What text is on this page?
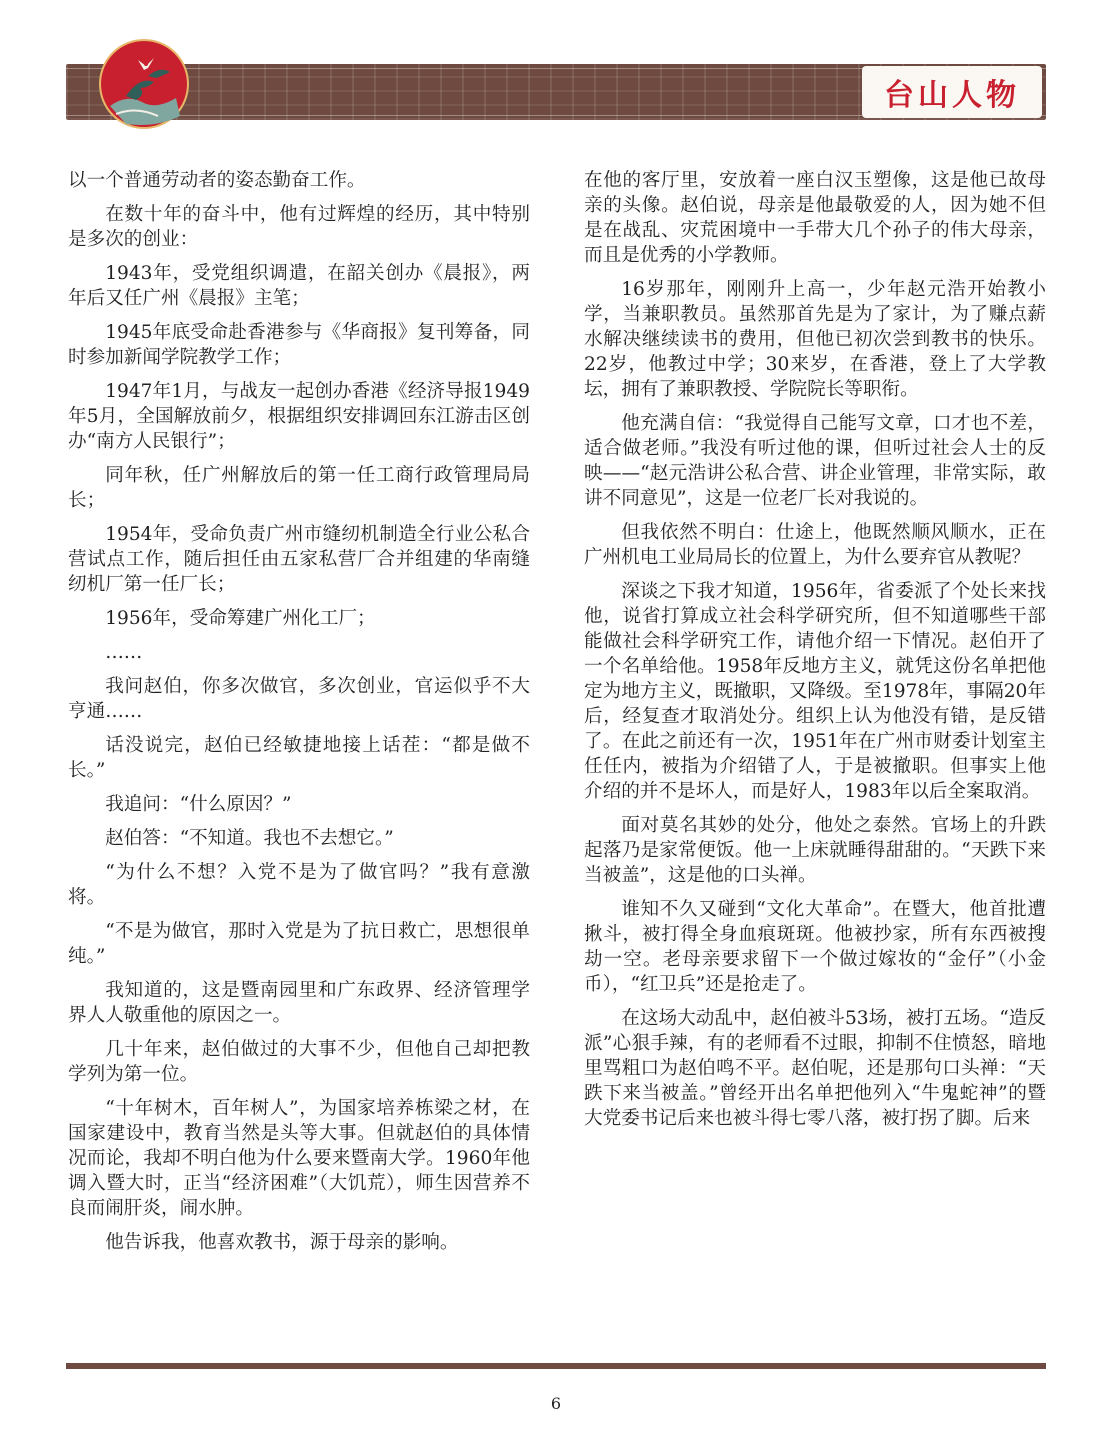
台山人物

以一个普通劳动者的姿态勤奋工作。

在数十年的奋斗中，他有过辉煌的经历，其中特别是多次的创业：

1943年，受党组织调遣，在韶关创办《晨报》，两年后又任广州《晨报》主笔；

1945年底受命赴香港参与《华商报》复刊筹备，同时参加新闻学院教学工作；

1947年1月，与战友一起创办香港《经济导报1949年5月，全国解放前夕，根据组织安排调回东江游击区创办“南方人民银行”；

同年秋，任广州解放后的第一任工商行政管理局局长；

1954年，受命负责广州市缝纫机制造全行业公私合营试点工作，随后担任由五家私营厂合并组建的华南缝纫机厂第一任厂长；

1956年，受命筹建广州化工厂；

……

我问赵伯，你多次做官，多次创业，官运似乎不大亨通……

话没说完，赵伯已经敏捷地接上话茬：“都是做不长。”

我追问：“什么原因？”

赵伯答：“不知道。我也不去想它。”

“为什么不想？入党不是为了做官吗？”我有意激将。

“不是为做官，那时入党是为了抗日救亡，思想很单纯。”

我知道的，这是暨南园里和广东政界、经济管理学界人人敬重他的原因之一。

几十年来，赵伯做过的大事不少，但他自己却把教学列为第一位。

“十年树木，百年树人”，为国家培养栋梁之材，在国家建设中，教育当然是头等大事。但就赵伯的具体情况而论，我却不明白他为什么要来暨南大学。1960年他调入暨大时，正当“经济困难”（大饥荒），师生因营养不良而闹肝炎，闹水肿。

他告诉我，他喜欢教书，源于母亲的影响。

在他的客厅里，安放着一座白汉玉塑像，这是他已故母亲的头像。赵伯说，母亲是他最敬爱的人，因为她不但是在战乱、灾荒困境中一手带大几个孙子的伟大母亲，而且是优秀的小学教师。

16岁那年，刚刚升上高一，少年赵元浩开始教小学，当兼职教员。虽然那首先是为了家计，为了赚点薪水解决继续读书的费用，但他已初次尝到教书的快乐。22岁，他教过中学；30来岁，在香港，登上了大学教坛，拥有了兼职教授、学院院长等职衔。

他充满自信：“我觉得自己能写文章，口才也不差，适合做老师。”我没有听过他的课，但听过社会人士的反映——“赵元浩讲公私合营、讲企业管理，非常实际，敢讲不同意见”，这是一位老厂长对我说的。

但我依然不明白：仕途上，他既然顺风顺水，正在广州机电工业局局长的位置上，为什么要弃官从教呢？

深谈之下我才知道，1956年，省委派了个处长来找他，说省打算成立社会科学研究所，但不知道哪些干部能做社会科学研究工作，请他介绍一下情况。赵伯开了一个名单给他。1958年反地方主义，就凭这份名单把他定为地方主义，既撤职，又降级。至1978年，事隔20年后，经复查才取消处分。组织上认为他没有错，是反错了。在此之前还有一次，1951年在广州市财委计划室主任任内，被指为介绍错了人，于是被撤职。但事实上他介绍的并不是坏人，而是好人，1983年以后全案取消。

面对莫名其妙的处分，他处之泰然。官场上的升跌起落乃是家常便饭。他一上床就睡得甜甜的。“天跌下来当被盖”，这是他的口头禅。

谁知不久又碰到“文化大革命”。在暨大，他首批遭揪斗，被打得全身血痕斑斑。他被抄家，所有东西被搜劫一空。老母亲要求留下一个做过嫁妆的“金仔”（小金币），“红卫兵”还是抢走了。

在这场大动乱中，赵伯被斗53场，被打五场。“造反派”心狠手辣，有的老师看不过眼，抑制不住愤怒，暗地里骂粗口为赵伯鸣不平。赵伯呢，还是那句口头禅：“天跌下来当被盖。”曾经开出名单把他列入“牛鬼蛇神”的暨大党委书记后来也被斗得七零八落，被打拐了脚。后来

6
